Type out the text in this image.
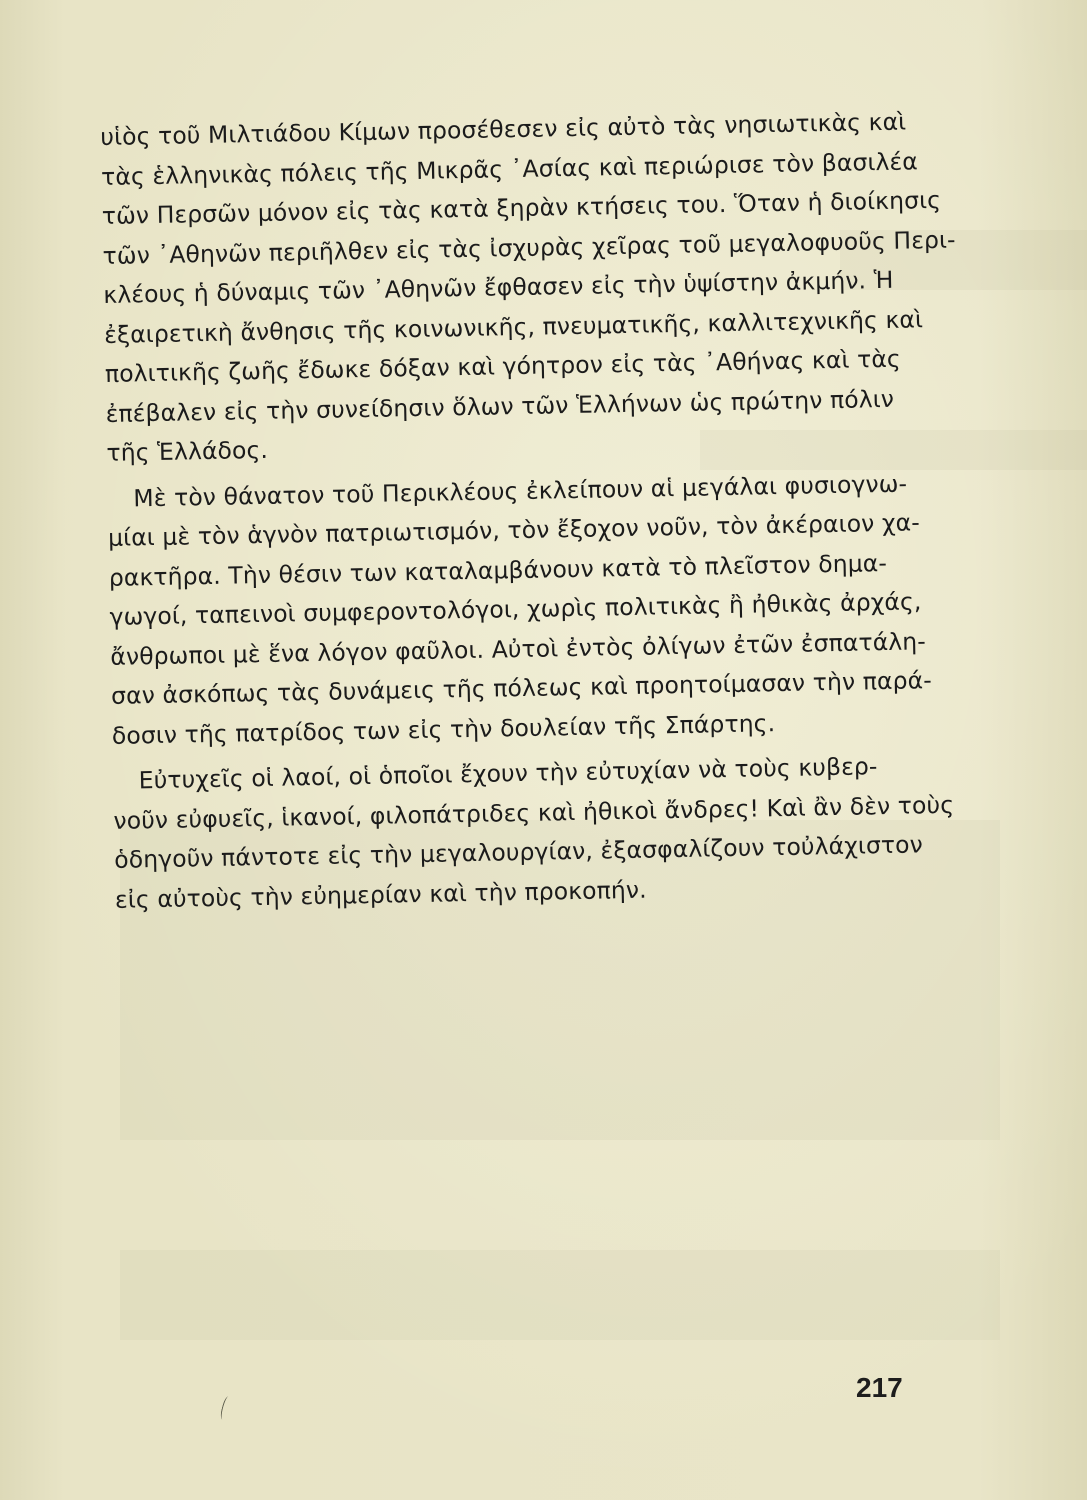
υἱὸς τοῦ Μιλτιάδου Κίμων προσέθεσεν εἰς αὐτὸ τὰς νησιωτικὰς καὶ
τὰς ἑλληνικὰς πόλεις τῆς Μικρᾶς ᾿Ασίας καὶ περιώρισε τὸν βασιλέα
τῶν Περσῶν μόνον εἰς τὰς κατὰ ξηρὰν κτήσεις του. Ὅταν ἡ διοίκησις
τῶν ᾿Αθηνῶν περιῆλθεν εἰς τὰς ἰσχυρὰς χεῖρας τοῦ μεγαλοφυοῦς Περι-
κλέους ἡ δύναμις τῶν ᾿Αθηνῶν ἔφθασεν εἰς τὴν ὑψίστην ἀκμήν. Ἡ
ἐξαιρετικὴ ἄνθησις τῆς κοινωνικῆς, πνευματικῆς, καλλιτεχνικῆς καὶ
πολιτικῆς ζωῆς ἔδωκε δόξαν καὶ γόητρον εἰς τὰς ᾿Αθήνας καὶ τὰς
ἐπέβαλεν εἰς τὴν συνείδησιν ὅλων τῶν Ἑλλήνων ὡς πρώτην πόλιν
τῆς Ἑλλάδος.
Μὲ τὸν θάνατον τοῦ Περικλέους ἐκλείπουν αἱ μεγάλαι φυσιογνω-
μίαι μὲ τὸν ἁγνὸν πατριωτισμόν, τὸν ἔξοχον νοῦν, τὸν ἀκέραιον χα-
ρακτῆρα. Τὴν θέσιν των καταλαμβάνουν κατὰ τὸ πλεῖστον δημα-
γωγοί, ταπεινοὶ συμφεροντολόγοι, χωρὶς πολιτικὰς ἢ ἠθικὰς ἀρχάς,
ἄνθρωποι μὲ ἕνα λόγον φαῦλοι. Αὐτοὶ ἐντὸς ὀλίγων ἐτῶν ἐσπατάλη-
σαν ἀσκόπως τὰς δυνάμεις τῆς πόλεως καὶ προητοίμασαν τὴν παρά-
δοσιν τῆς πατρίδος των εἰς τὴν δουλείαν τῆς Σπάρτης.
Εὐτυχεῖς οἱ λαοί, οἱ ὁποῖοι ἔχουν τὴν εὐτυχίαν νὰ τοὺς κυβερ-
νοῦν εὐφυεῖς, ἱκανοί, φιλοπάτριδες καὶ ἠθικοὶ ἄνδρες! Καὶ ἂν δὲν τοὺς
ὁδηγοῦν πάντοτε εἰς τὴν μεγαλουργίαν, ἐξασφαλίζουν τοὐλάχιστον
εἰς αὐτοὺς τὴν εὐημερίαν καὶ τὴν προκοπήν.
217
